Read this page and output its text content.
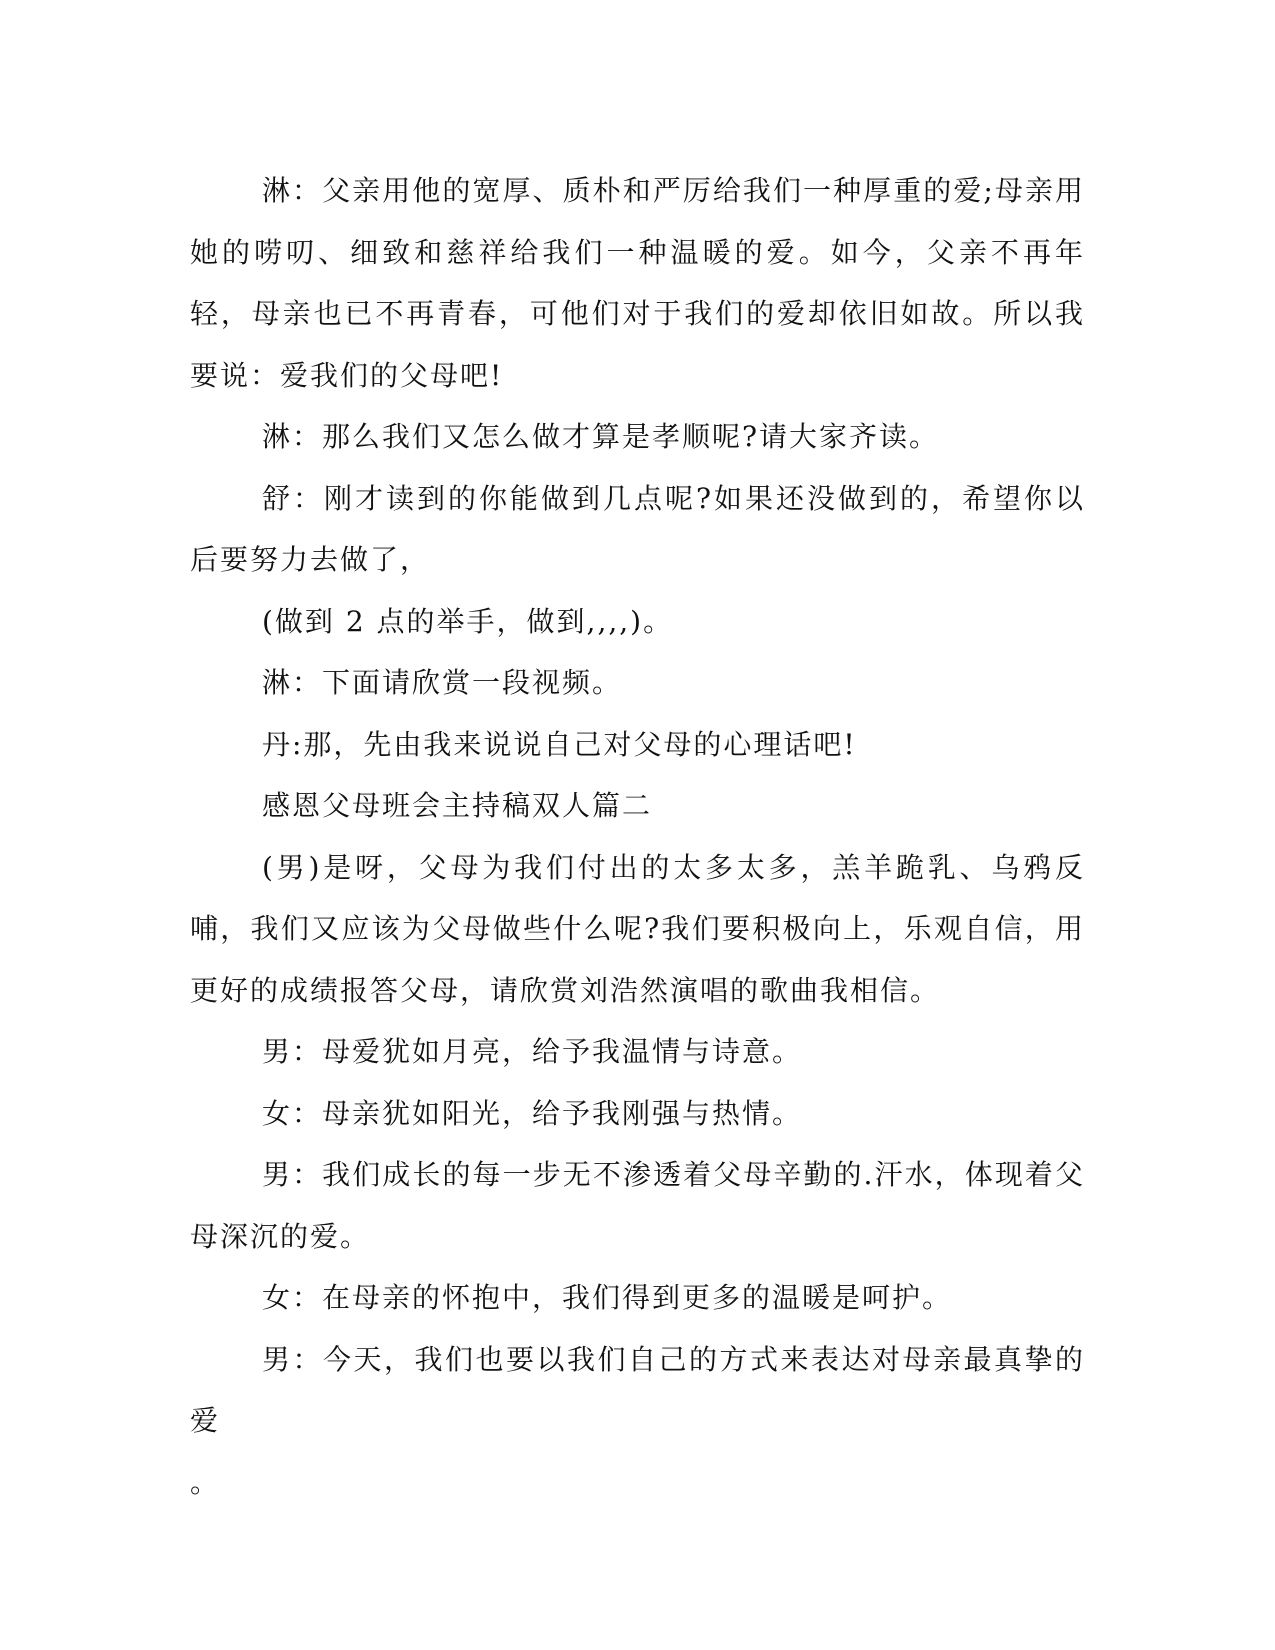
淋：父亲用他的宽厚、质朴和严厉给我们一种厚重的爱;母亲用她的唠叨、细致和慈祥给我们一种温暖的爱。如今，父亲不再年轻，母亲也已不再青春，可他们对于我们的爱却依旧如故。所以我要说：爱我们的父母吧!

淋：那么我们又怎么做才算是孝顺呢?请大家齐读。

舒：刚才读到的你能做到几点呢?如果还没做到的，希望你以后要努力去做了，

(做到 2 点的举手，做到,,,,)。

淋：下面请欣赏一段视频。

丹:那，先由我来说说自己对父母的心理话吧!

感恩父母班会主持稿双人篇二

(男)是呀，父母为我们付出的太多太多，羔羊跪乳、乌鸦反哺，我们又应该为父母做些什么呢?我们要积极向上，乐观自信，用更好的成绩报答父母，请欣赏刘浩然演唱的歌曲我相信。

男：母爱犹如月亮，给予我温情与诗意。

女：母亲犹如阳光，给予我刚强与热情。

男：我们成长的每一步无不渗透着父母辛勤的.汗水，体现着父母深沉的爱。

女：在母亲的怀抱中，我们得到更多的温暖是呵护。

男：今天，我们也要以我们自己的方式来表达对母亲最真挚的爱

。
